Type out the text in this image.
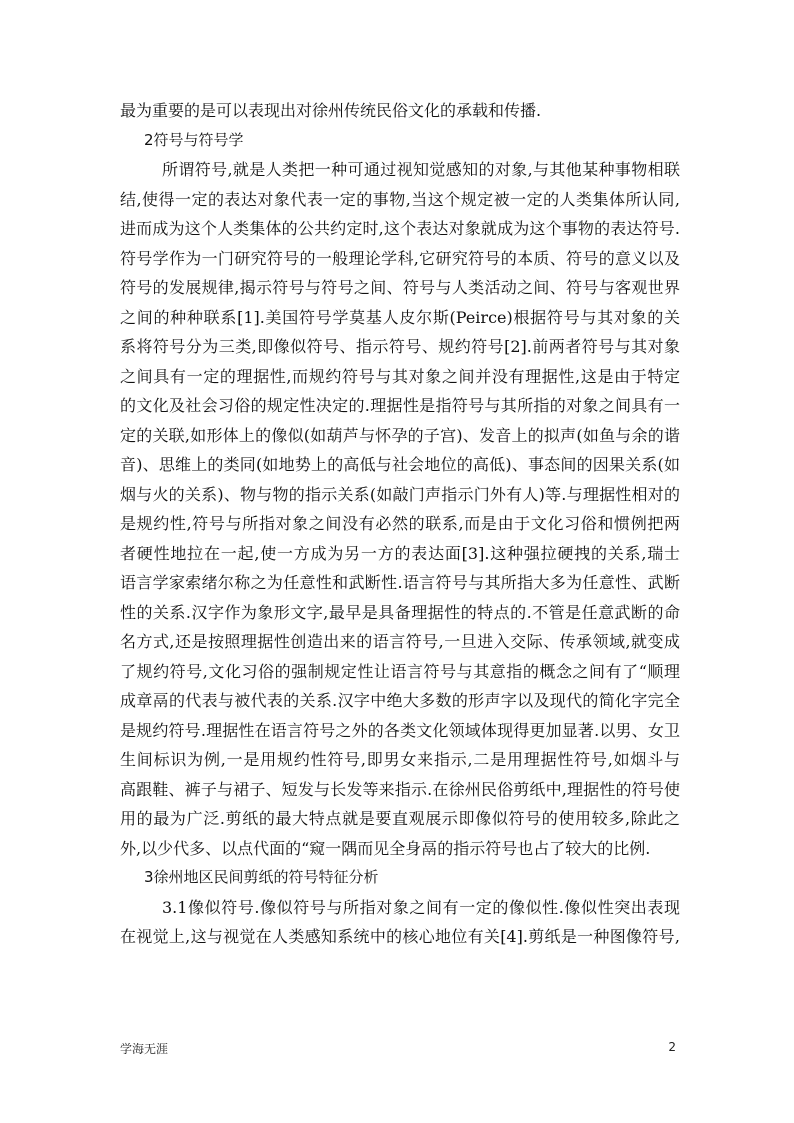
最为重要的是可以表现出对徐州传统民俗文化的承载和传播.
2符号与符号学
所谓符号,就是人类把一种可通过视知觉感知的对象,与其他某种事物相联
结,使得一定的表达对象代表一定的事物,当这个规定被一定的人类集体所认同,
进而成为这个人类集体的公共约定时,这个表达对象就成为这个事物的表达符号.
符号学作为一门研究符号的一般理论学科,它研究符号的本质、符号的意义以及
符号的发展规律,揭示符号与符号之间、符号与人类活动之间、符号与客观世界
之间的种种联系[1].美国符号学莫基人皮尔斯(Peirce)根据符号与其对象的关
系将符号分为三类,即像似符号、指示符号、规约符号[2].前两者符号与其对象
之间具有一定的理据性,而规约符号与其对象之间并没有理据性,这是由于特定
的文化及社会习俗的规定性决定的.理据性是指符号与其所指的对象之间具有一
定的关联,如形体上的像似(如葫芦与怀孕的子宫)、发音上的拟声(如鱼与余的谐
音)、思维上的类同(如地势上的高低与社会地位的高低)、事态间的因果关系(如
烟与火的关系)、物与物的指示关系(如敲门声指示门外有人)等.与理据性相对的
是规约性,符号与所指对象之间没有必然的联系,而是由于文化习俗和惯例把两
者硬性地拉在一起,使一方成为另一方的表达面[3].这种强拉硬拽的关系,瑞士
语言学家索绪尔称之为任意性和武断性.语言符号与其所指大多为任意性、武断
性的关系.汉字作为象形文字,最早是具备理据性的特点的.不管是任意武断的命
名方式,还是按照理据性创造出来的语言符号,一旦进入交际、传承领域,就变成
了规约符号,文化习俗的强制规定性让语言符号与其意指的概念之间有了“顺理
成章鬲的代表与被代表的关系.汉字中绝大多数的形声字以及现代的简化字完全
是规约符号.理据性在语言符号之外的各类文化领域体现得更加显著.以男、女卫
生间标识为例,一是用规约性符号,即男女来指示,二是用理据性符号,如烟斗与
高跟鞋、裤子与裙子、短发与长发等来指示.在徐州民俗剪纸中,理据性的符号使
用的最为广泛.剪纸的最大特点就是要直观展示即像似符号的使用较多,除此之
外,以少代多、以点代面的“窥一隅而见全身鬲的指示符号也占了较大的比例.
3徐州地区民间剪纸的符号特征分析
3.1像似符号.像似符号与所指对象之间有一定的像似性.像似性突出表现
在视觉上,这与视觉在人类感知系统中的核心地位有关[4].剪纸是一种图像符号,
学海无涯	2
